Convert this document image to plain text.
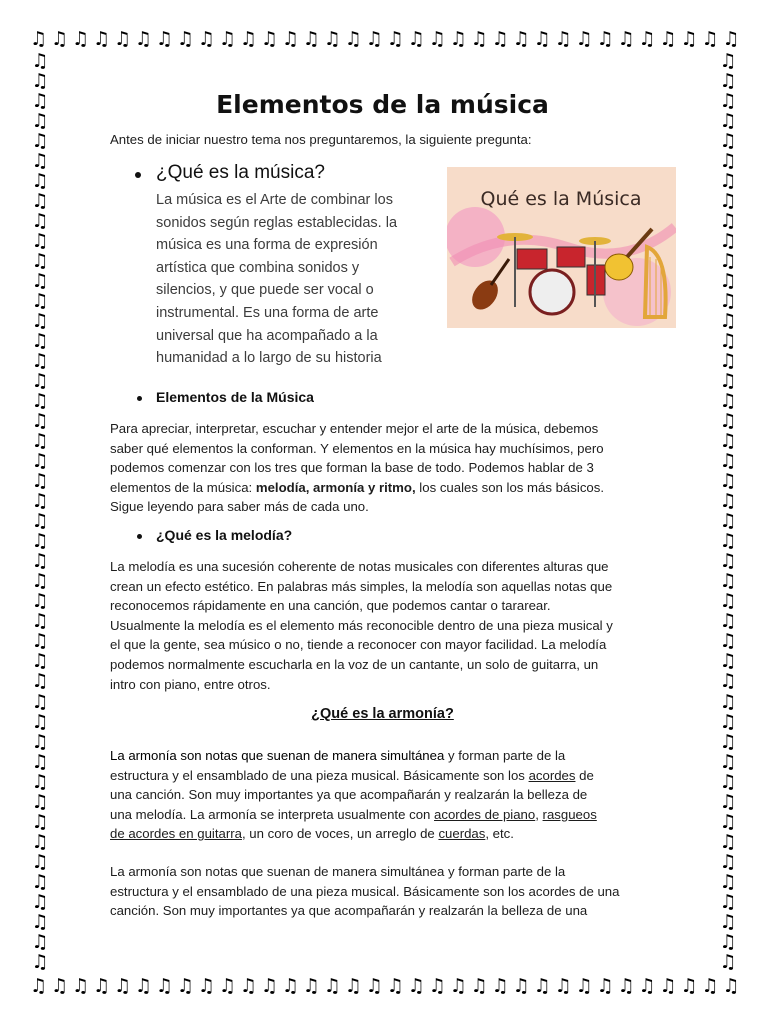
♫ ♫ ♫ ♫ ♫ ♫ ♫ ♫ ♫ ♫ ♫ ♫ ♫ ♫ ♫ ♫ ♫ ♫ ♫ ♫ ♫ ♫ ♫ ♫ ♫ ♫ ♫ ♫ ♫ ♫ ♫ ♫ ♫ ♫
♫ ♫ ♫ ♫ ♫ ♫ ♫ ♫ ♫ ♫ ♫ ♫ ♫ ♫ ♫ ♫ ♫ ♫ ♫ ♫ ♫ ♫ ♫ ♫ ♫ ♫ ♫ ♫ ♫ ♫ ♫ ♫ ♫ ♫
♫
♫
♫
♫
♫
♫
♫
♫
♫
♫
♫
♫
♫
♫
♫
♫
♫
♫
♫
♫
♫
♫
♫
♫
♫
♫
♫
♫
♫
♫
♫
♫
♫
♫
♫
♫
♫
♫
♫
♫
♫
♫
♫
♫
♫
♫
♫
♫
♫
♫
♫
♫
♫
♫
♫
♫
♫
♫
♫
♫
♫
♫
♫
♫
♫
♫
♫
♫
♫
♫
♫
♫
♫
♫
♫
♫
♫
♫
♫
♫
♫
♫
♫
♫
♫
♫
♫
♫
♫
♫
♫
♫
Elementos de la música

Antes de iniciar nuestro tema nos preguntaremos, la siguiente pregunta:

¿Qué es la música?

La música es el Arte de combinar los

sonidos según reglas establecidas. la

música es una forma de expresión

artística que combina sonidos y

silencios, y que puede ser vocal o

instrumental. Es una forma de arte

universal que ha acompañado a la

humanidad a lo largo de su historia

Elementos de la Música

Para apreciar, interpretar, escuchar y entender mejor el arte de la música, debemos

saber qué elementos la conforman. Y elementos en la música hay muchísimos, pero

podemos comenzar con los tres que forman la base de todo. Podemos hablar de 3

elementos de la música: melodía, armonía y ritmo, los cuales son los más básicos.

Sigue leyendo para saber más de cada uno.

¿Qué es la melodía?

La melodía es una sucesión coherente de notas musicales con diferentes alturas que

crean un efecto estético. En palabras más simples, la melodía son aquellas notas que

reconocemos rápidamente en una canción, que podemos cantar o tararear.

Usualmente la melodía es el elemento más reconocible dentro de una pieza musical y

el que la gente, sea músico o no, tiende a reconocer con mayor facilidad. La melodía

podemos normalmente escucharla en la voz de un cantante, un solo de guitarra, un

intro con piano, entre otros.

¿Qué es la armonía?

La armonía son notas que suenan de manera simultánea y forman parte de la

estructura y el ensamblado de una pieza musical. Básicamente son los acordes de

una canción. Son muy importantes ya que acompañarán y realzarán la belleza de

una melodía. La armonía se interpreta usualmente con acordes de piano, rasgueos

de acordes en guitarra, un coro de voces, un arreglo de cuerdas, etc.

La armonía son notas que suenan de manera simultánea y forman parte de la

estructura y el ensamblado de una pieza musical. Básicamente son los acordes de una

canción. Son muy importantes ya que acompañarán y realzarán la belleza de una

Qué es la Música
